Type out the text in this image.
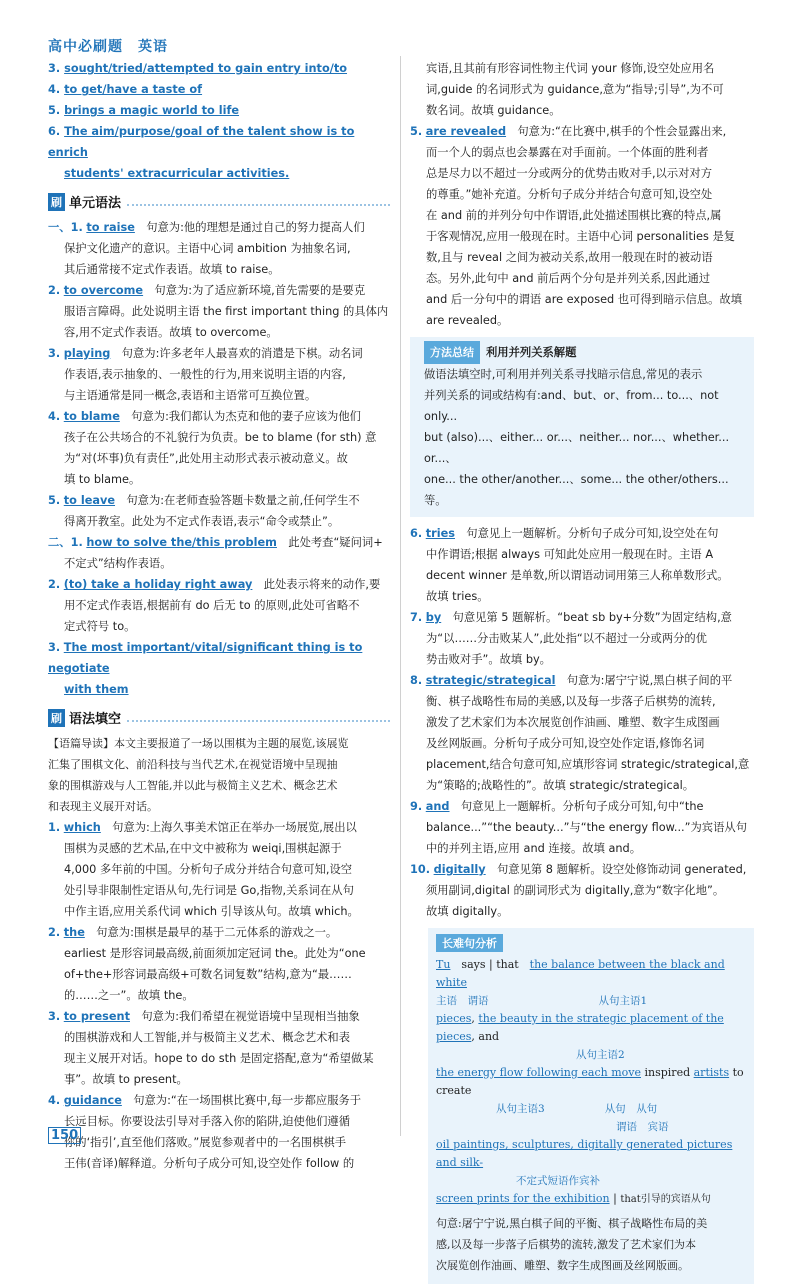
高中必刷题　英语
3. sought/tried/attempted to gain entry into/to
4. to get/have a taste of
5. brings a magic world to life
6. The aim/purpose/goal of the talent show is to enrich
students' extracurricular activities.
刷 单元语法

一、1. to raise　 句意为:他的理想是通过自己的努力提高人们

保护文化遗产的意识。主语中心词 ambition 为抽象名词,

其后通常接不定式作表语。故填 to raise。

2. to overcome　 句意为:为了适应新环境,首先需要的是要克

服语言障碍。此处说明主语 the first important thing 的具体内

容,用不定式作表语。故填 to overcome。

3. playing　 句意为:许多老年人最喜欢的消遣是下棋。动名词

作表语,表示抽象的、一般性的行为,用来说明主语的内容,

与主语通常是同一概念,表语和主语常可互换位置。

4. to blame　 句意为:我们都认为杰克和他的妻子应该为他们

孩子在公共场合的不礼貌行为负责。be to blame (for sth) 意

为“对(坏事)负有责任”,此处用主动形式表示被动意义。故

填 to blame。

5. to leave　 句意为:在老师查验答题卡数量之前,任何学生不

得离开教室。此处为不定式作表语,表示“命令或禁止”。

二、1. how to solve the/this problem　 此处考查“疑问词+

不定式”结构作表语。

2. (to) take a holiday right away　 此处表示将来的动作,要

用不定式作表语,根据前有 do 后无 to 的原则,此处可省略不

定式符号 to。

3. The most important/vital/significant thing is to negotiate

with them

刷 语法填空

【语篇导读】本文主要报道了一场以围棋为主题的展览,该展览

汇集了围棋文化、前沿科技与当代艺术,在视觉语境中呈现抽

象的围棋游戏与人工智能,并以此与极简主义艺术、概念艺术

和表现主义展开对话。

1. which　 句意为:上海久事美术馆正在举办一场展览,展出以

围棋为灵感的艺术品,在中文中被称为 weiqi,围棋起源于

4,000 多年前的中国。分析句子成分并结合句意可知,设空

处引导非限制性定语从句,先行词是 Go,指物,关系词在从句

中作主语,应用关系代词 which 引导该从句。故填 which。

2. the　 句意为:围棋是最早的基于二元体系的游戏之一。

earliest 是形容词最高级,前面须加定冠词 the。此处为“one

of+the+形容词最高级+可数名词复数”结构,意为“最……

的……之一”。故填 the。

3. to present　 句意为:我们希望在视觉语境中呈现相当抽象

的围棋游戏和人工智能,并与极简主义艺术、概念艺术和表

现主义展开对话。hope to do sth 是固定搭配,意为“希望做某

事”。故填 to present。

4. guidance　 句意为:“在一场围棋比赛中,每一步都应服务于

长远目标。你要设法引导对手落入你的陷阱,迫使他们遵循

你的‘指引’,直至他们落败。”展览参观者中的一名围棋棋手

王伟(音译)解释道。分析句子成分可知,设空处作 follow 的

宾语,且其前有形容词性物主代词 your 修饰,设空处应用名

词,guide 的名词形式为 guidance,意为“指导;引导”,为不可

数名词。故填 guidance。

5. are revealed　 句意为:“在比赛中,棋手的个性会显露出来,

而一个人的弱点也会暴露在对手面前。一个体面的胜利者

总是尽力以不超过一分或两分的优势击败对手,以示对对方

的尊重。”她补充道。分析句子成分并结合句意可知,设空处

在 and 前的并列分句中作谓语,此处描述围棋比赛的特点,属

于客观情况,应用一般现在时。主语中心词 personalities 是复

数,且与 reveal 之间为被动关系,故用一般现在时的被动语

态。另外,此句中 and 前后两个分句是并列关系,因此通过

and 后一分句中的谓语 are exposed 也可得到暗示信息。故填

are revealed。

方法总结 利用并列关系解题

做语法填空时,可利用并列关系寻找暗示信息,常见的表示

并列关系的词或结构有:and、but、or、from... to...、not only...

but (also)...、either... or...、neither... nor...、whether... or...、

one... the other/another...、some... the other/others... 等。

6. tries　 句意见上一题解析。分析句子成分可知,设空处在句

中作谓语;根据 always 可知此处应用一般现在时。主语 A

decent winner 是单数,所以谓语动词用第三人称单数形式。

故填 tries。

7. by　 句意见第 5 题解析。“beat sb by+分数”为固定结构,意

为“以……分击败某人”,此处指“以不超过一分或两分的优

势击败对手”。故填 by。

8. strategic/strategical　 句意为:屠宁宁说,黑白棋子间的平

衡、棋子战略性布局的美感,以及每一步落子后棋势的流转,

激发了艺术家们为本次展览创作油画、雕塑、数字生成图画

及丝网版画。分析句子成分可知,设空处作定语,修饰名词

placement,结合句意可知,应填形容词 strategic/strategical,意

为“策略的;战略性的”。故填 strategic/strategical。

9. and　 句意见上一题解析。分析句子成分可知,句中“the

balance...”“the beauty...”与“the energy flow...”为宾语从句

中的并列主语,应用 and 连接。故填 and。

10. digitally　 句意见第 8 题解析。设空处修饰动词 generated,

须用副词,digital 的副词形式为 digitally,意为“数字化地”。

故填 digitally。

长难句分析
Tu　 says | that　 the balance between the black and white
主语　 谓语	从句主语1
pieces, the beauty in the strategic placement of the pieces, and
从句主语2
the energy flow following each move inspired artists to create
从句主语3	从句　 从句
谓语　 宾语
oil paintings, sculptures, digitally generated pictures and silk-
不定式短语作宾补
screen prints for the exhibition | that引导的宾语从句

句意:屠宁宁说,黑白棋子间的平衡、棋子战略性布局的美

感,以及每一步落子后棋势的流转,激发了艺术家们为本

次展览创作油画、雕塑、数字生成图画及丝网版画。

150
